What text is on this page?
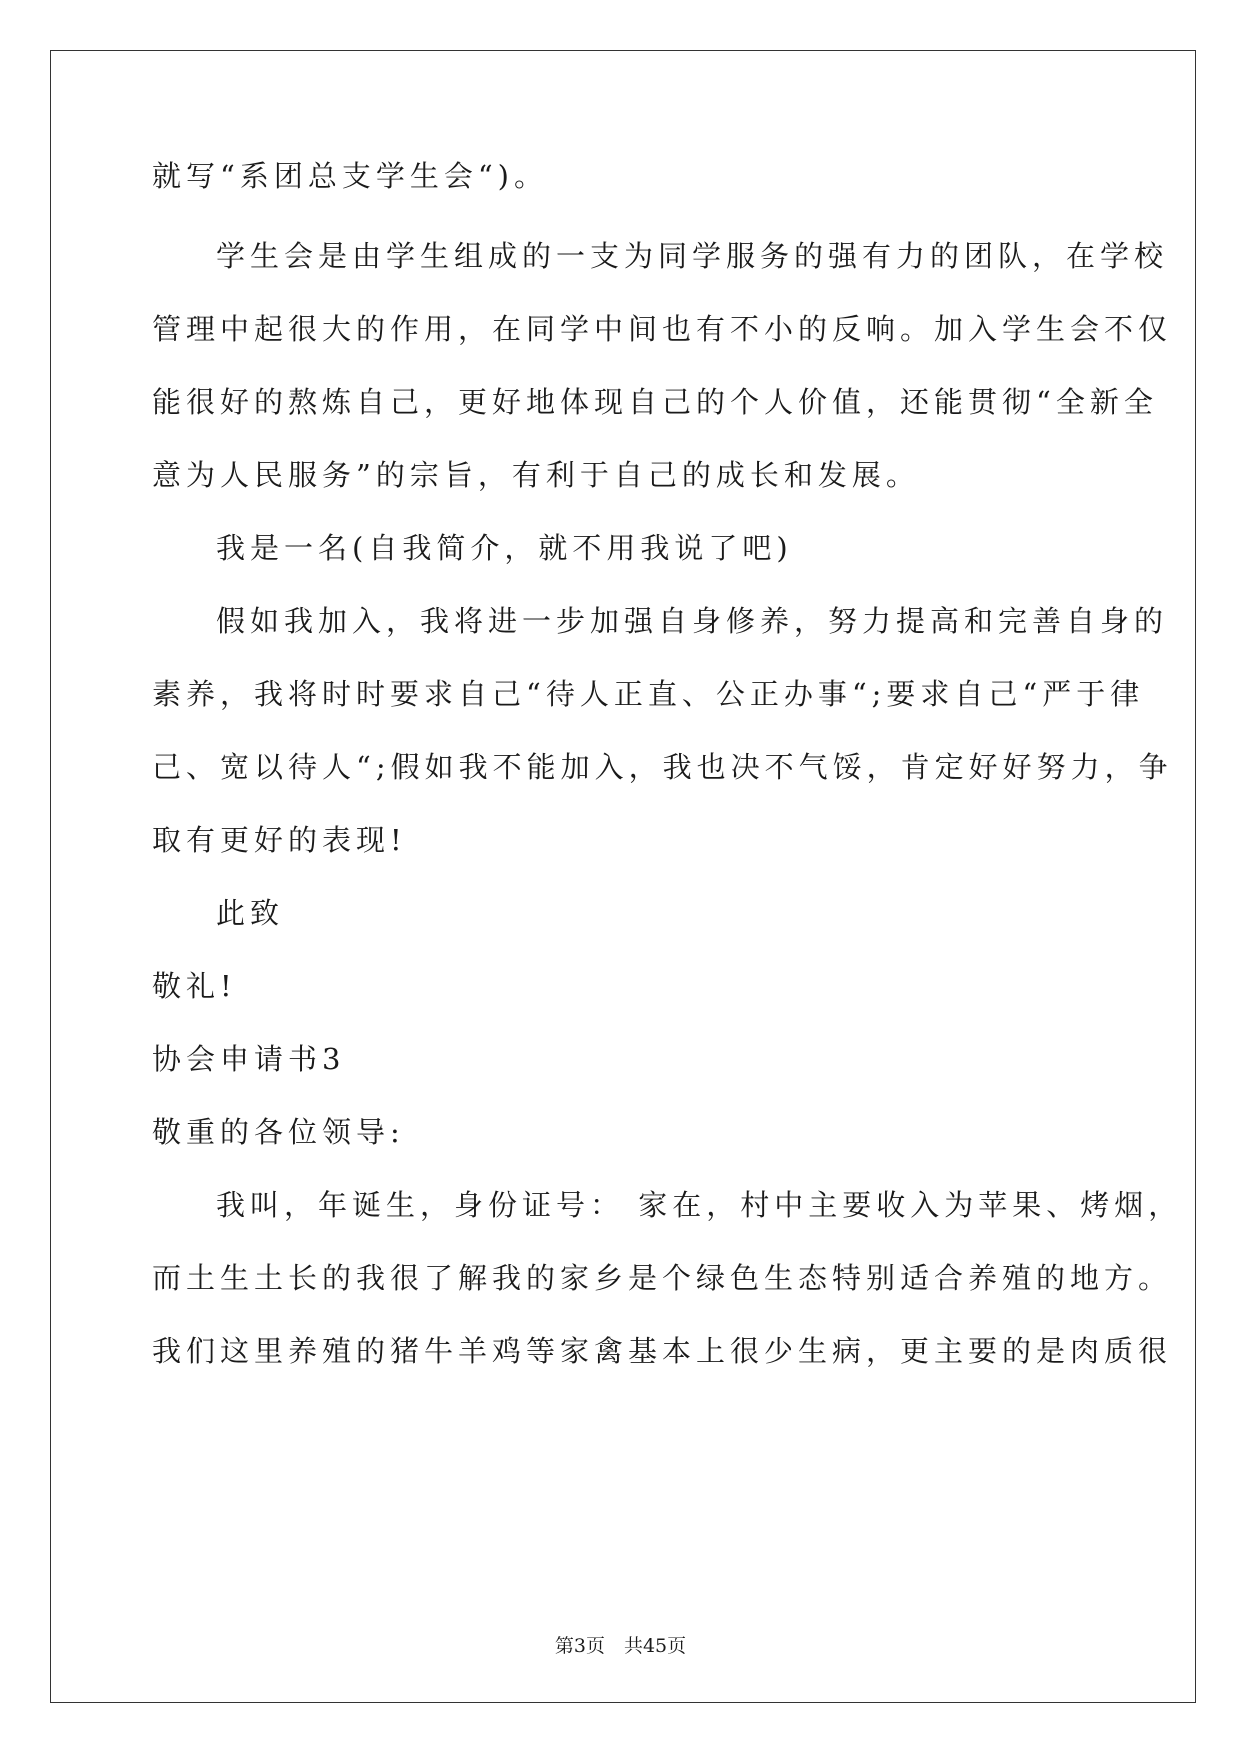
就写“系团总支学生会“)。
学生会是由学生组成的一支为同学服务的强有力的团队，在学校
管理中起很大的作用，在同学中间也有不小的反响。加入学生会不仅
能很好的熬炼自己，更好地体现自己的个人价值，还能贯彻“全新全
意为人民服务”的宗旨，有利于自己的成长和发展。
我是一名(自我简介，就不用我说了吧)
假如我加入，我将进一步加强自身修养，努力提高和完善自身的
素养，我将时时要求自己“待人正直、公正办事“;要求自己“严于律
己、宽以待人“;假如我不能加入，我也决不气馁，肯定好好努力，争
取有更好的表现!
此致
敬礼!
协会申请书3
敬重的各位领导:
我叫，年诞生，身份证号： 家在，村中主要收入为苹果、烤烟，
而土生土长的我很了解我的家乡是个绿色生态特别适合养殖的地方。
我们这里养殖的猪牛羊鸡等家禽基本上很少生病，更主要的是肉质很
第3页　共45页
